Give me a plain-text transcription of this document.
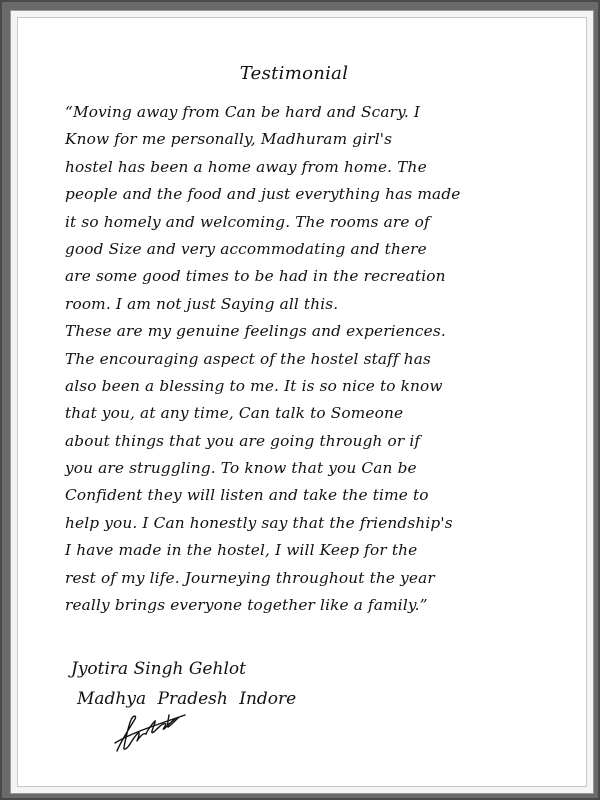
Testimonial
“Moving away from Can be hard and Scary. I
Know for me personally, Madhuram girl's
hostel has been a home away from home. The
people and the food and just everything has made
it so homely and welcoming. The rooms are of
good Size and very accommodating and there
are some good times to be had in the recreation
room. I am not just Saying all this.
These are my genuine feelings and experiences.
The encouraging aspect of the hostel staff has
also been a blessing to me. It is so nice to know
that you, at any time, Can talk to Someone
about things that you are going through or if
you are struggling. To know that you Can be
Confident they will listen and take the time to
help you. I Can honestly say that the friendship's
I have made in the hostel, I will Keep for the
rest of my life. Journeying throughout the year
really brings everyone together like a family.”
Jyotira Singh Gehlot
Madhya Pradesh Indore
